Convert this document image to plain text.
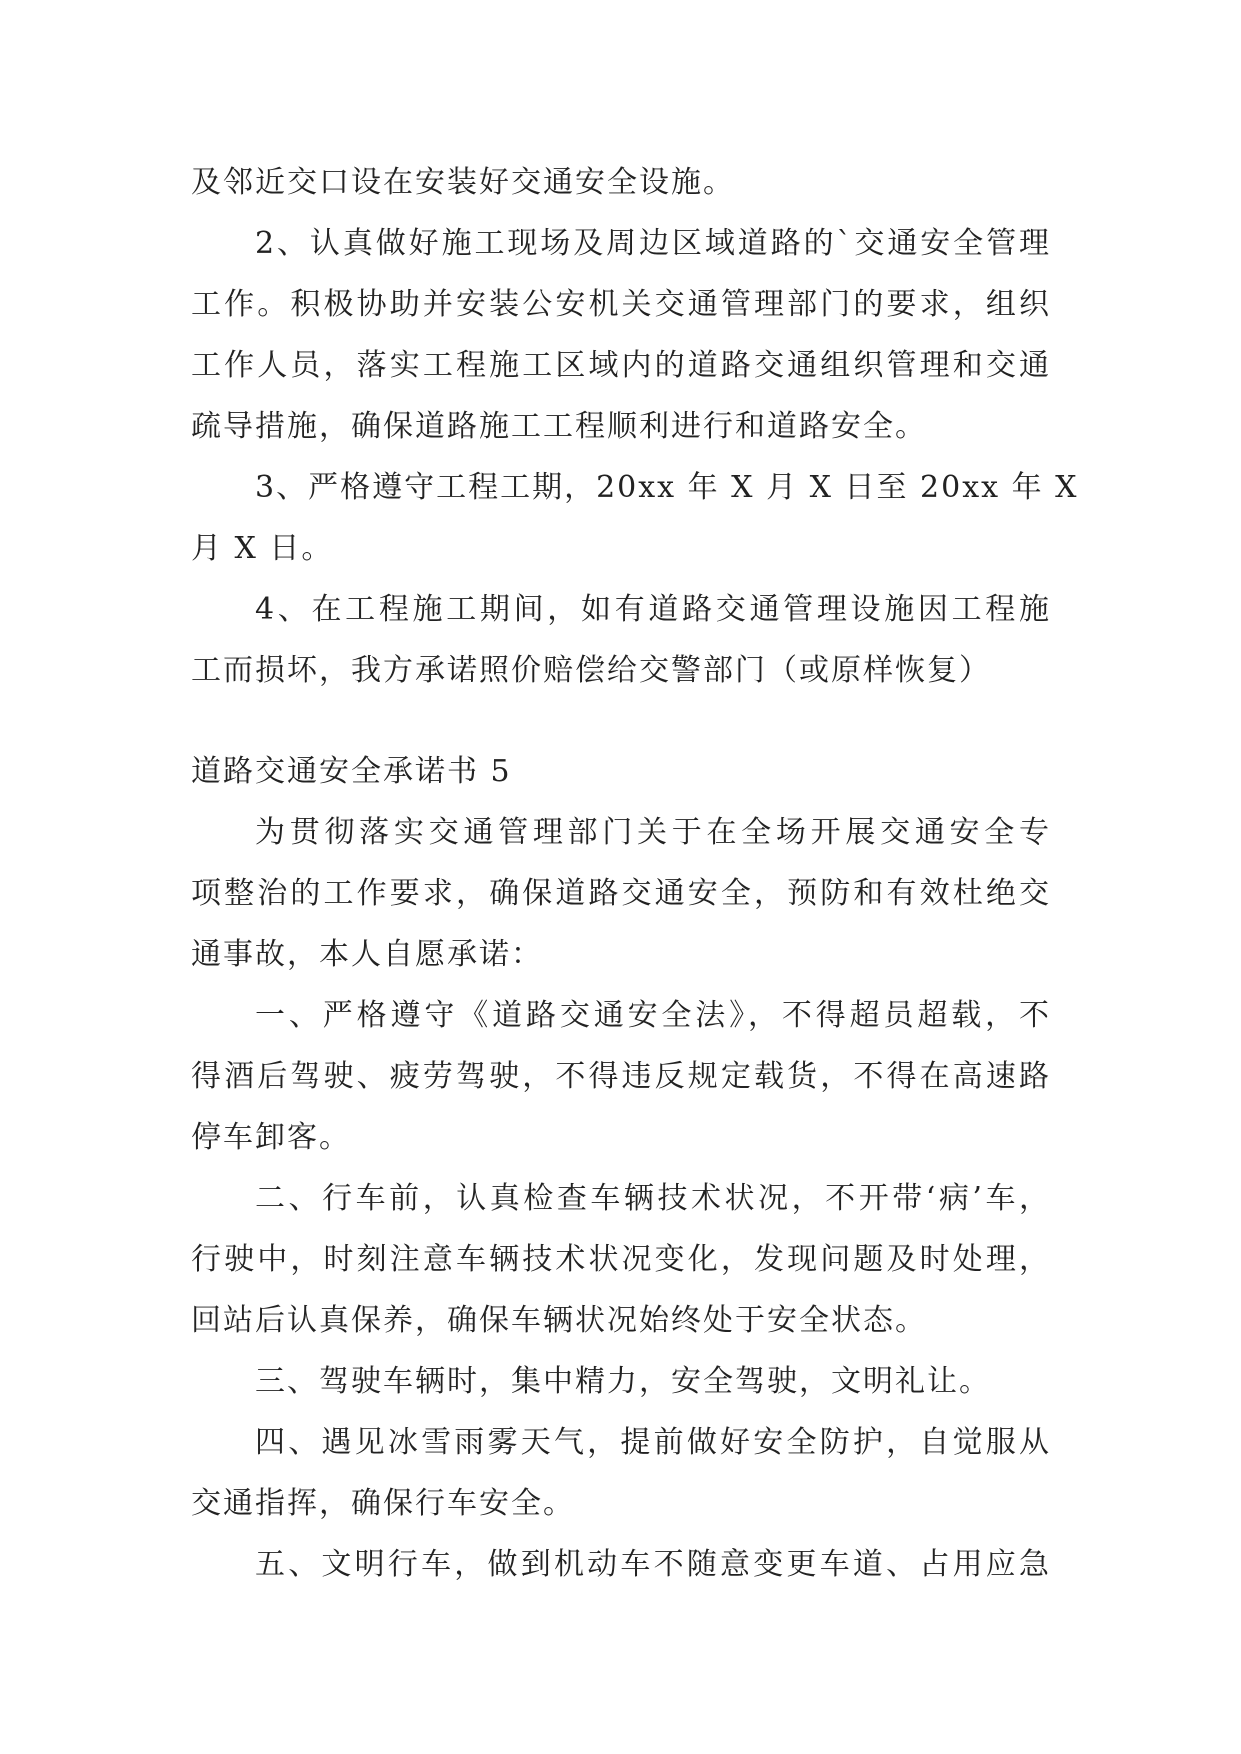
及邻近交口设在安装好交通安全设施。

2、认真做好施工现场及周边区域道路的`交通安全管理
工作。积极协助并安装公安机关交通管理部门的要求，组织
工作人员，落实工程施工区域内的道路交通组织管理和交通
疏导措施，确保道路施工工程顺利进行和道路安全。

3、严格遵守工程工期，20xx 年 X 月 X 日至 20xx 年 X
月 X 日。

4、在工程施工期间，如有道路交通管理设施因工程施
工而损坏，我方承诺照价赔偿给交警部门（或原样恢复）

道路交通安全承诺书 5

为贯彻落实交通管理部门关于在全场开展交通安全专
项整治的工作要求，确保道路交通安全，预防和有效杜绝交
通事故，本人自愿承诺：

一、严格遵守《道路交通安全法》，不得超员超载，不
得酒后驾驶、疲劳驾驶，不得违反规定载货，不得在高速路
停车卸客。

二、行车前，认真检查车辆技术状况，不开带‘病’车，
行驶中，时刻注意车辆技术状况变化，发现问题及时处理，
回站后认真保养，确保车辆状况始终处于安全状态。

三、驾驶车辆时，集中精力，安全驾驶，文明礼让。

四、遇见冰雪雨雾天气，提前做好安全防护，自觉服从
交通指挥，确保行车安全。

五、文明行车，做到机动车不随意变更车道、占用应急
